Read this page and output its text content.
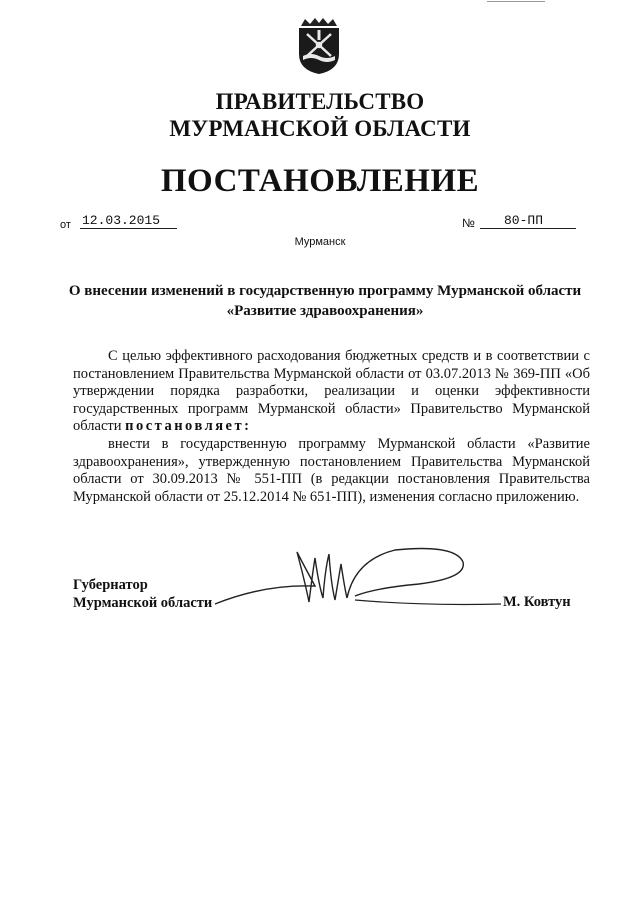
ПРАВИТЕЛЬСТВО
МУРМАНСКОЙ ОБЛАСТИ
ПОСТАНОВЛЕНИЕ
от 12.03.2015	№	80-ПП
Мурманск
О внесении изменений в государственную программу Мурманской области
«Развитие здравоохранения»

С целью эффективного расходования бюджетных средств и в соответствии с постановлением Правительства Мурманской области от 03.07.2013 № 369-ПП «Об утверждении порядка разработки, реализации и оценки эффективности государственных программ Мурманской области» Правительство Мурманской области постановляет:

внести в государственную программу Мурманской области «Развитие здравоохранения», утвержденную постановлением Правительства Мурманской области от 30.09.2013 № 551-ПП (в редакции постановления Правительства Мурманской области от 25.12.2014 № 651-ПП), изменения согласно приложению.

Губернатор
Мурманской области	М. Ковтун
